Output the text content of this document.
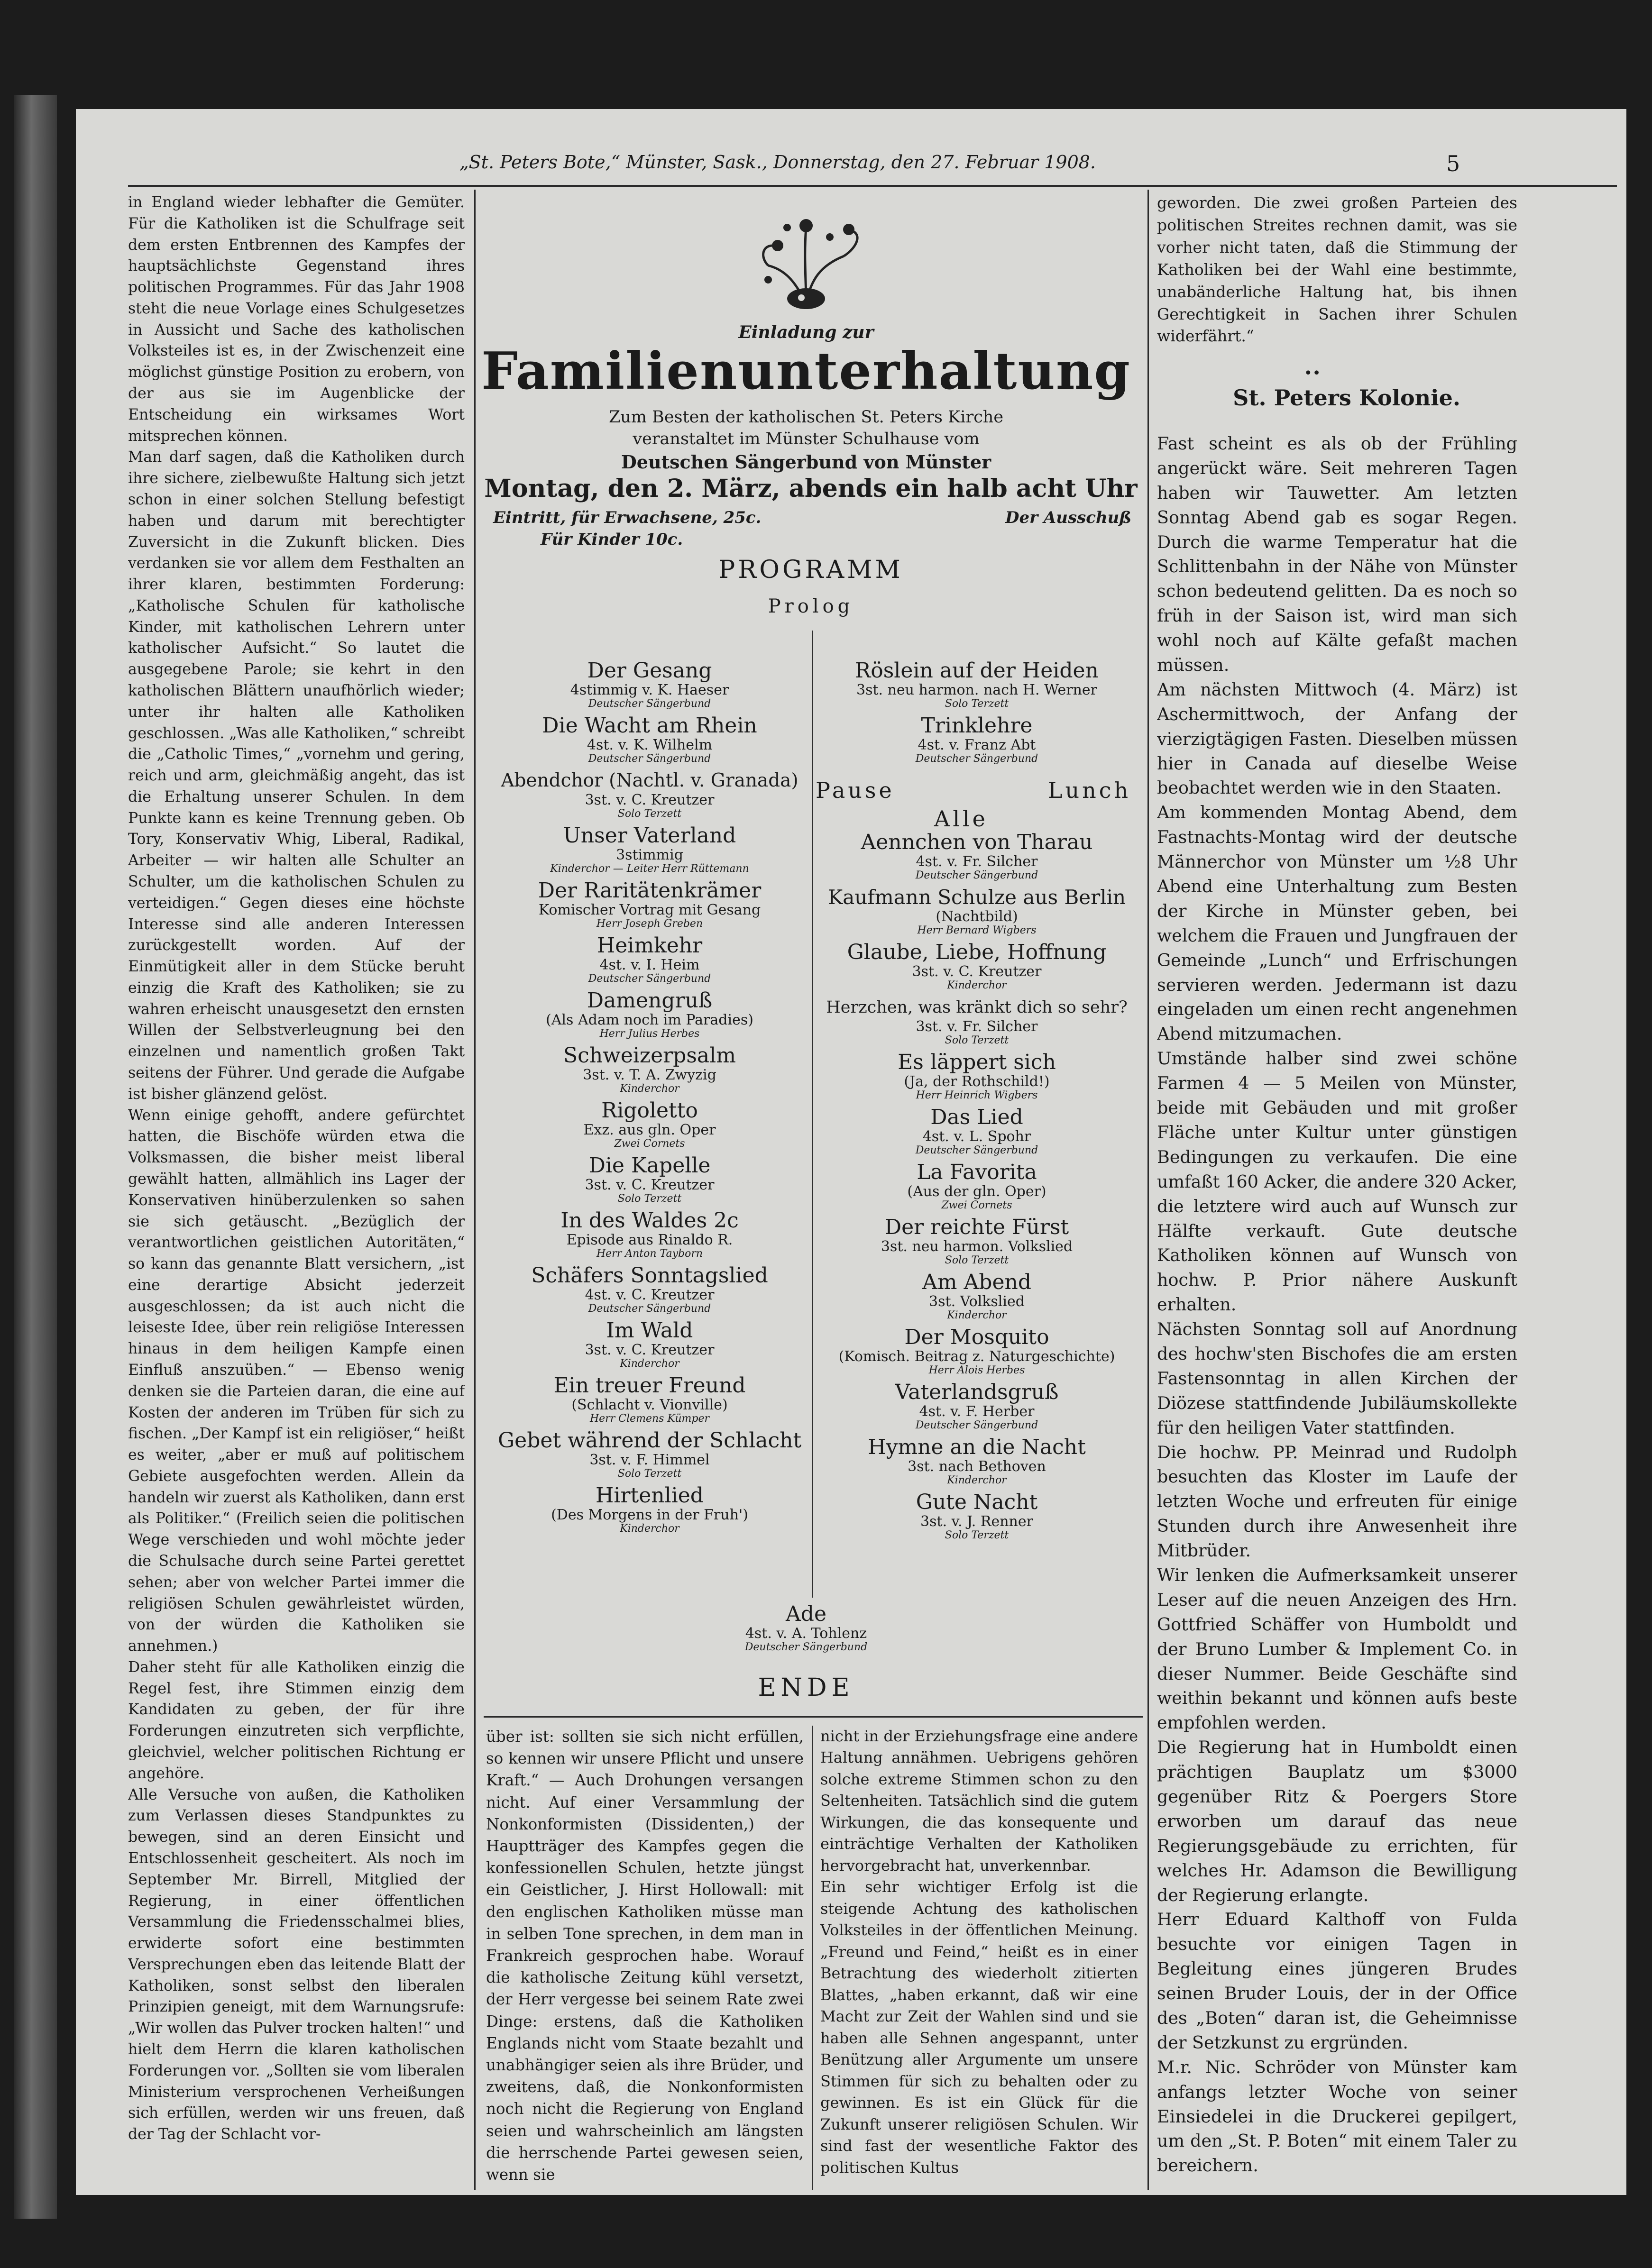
„St. Peters Bote,“ Münster, Sask., Donnerstag, den 27. Februar 1908.	5
in England wieder lebhafter die Gemüter. Für die Katholiken ist die Schulfrage seit dem ersten Entbrennen des Kampfes der hauptsächlichste Gegenstand ihres politischen Programmes. Für das Jahr 1908 steht die neue Vorlage eines Schulgesetzes in Aussicht und Sache des katholischen Volksteiles ist es, in der Zwischenzeit eine möglichst günstige Position zu erobern, von der aus sie im Augenblicke der Entscheidung ein wirksames Wort mitsprechen können.
Man darf sagen, daß die Katholiken durch ihre sichere, zielbewußte Haltung sich jetzt schon in einer solchen Stellung befestigt haben und darum mit berechtigter Zuversicht in die Zukunft blicken. Dies verdanken sie vor allem dem Festhalten an ihrer klaren, bestimmten Forderung: „Katholische Schulen für katholische Kinder, mit katholischen Lehrern unter katholischer Aufsicht.“ So lautet die ausgegebene Parole; sie kehrt in den katholischen Blättern unaufhörlich wieder; unter ihr halten alle Katholiken geschlossen. „Was alle Katholiken,“ schreibt die „Catholic Times,“ „vornehm und gering, reich und arm, gleichmäßig angeht, das ist die Erhaltung unserer Schulen. In dem Punkte kann es keine Trennung geben. Ob Tory, Konservativ Whig, Liberal, Radikal, Arbeiter — wir halten alle Schulter an Schulter, um die katholischen Schulen zu verteidigen.“ Gegen dieses eine höchste Interesse sind alle anderen Interessen zurückgestellt worden. Auf der Einmütigkeit aller in dem Stücke beruht einzig die Kraft des Katholiken; sie zu wahren erheischt unausgesetzt den ernsten Willen der Selbstverleugnung bei den einzelnen und namentlich großen Takt seitens der Führer. Und gerade die Aufgabe ist bisher glänzend gelöst.
Wenn einige gehofft, andere gefürchtet hatten, die Bischöfe würden etwa die Volksmassen, die bisher meist liberal gewählt hatten, allmählich ins Lager der Konservativen hinüberzulenken so sahen sie sich getäuscht. „Bezüglich der verantwortlichen geistlichen Autoritäten,“ so kann das genannte Blatt versichern, „ist eine derartige Absicht jederzeit ausgeschlossen; da ist auch nicht die leiseste Idee, über rein religiöse Interessen hinaus in dem heiligen Kampfe einen Einfluß anszuüben.“ — Ebenso wenig denken sie die Parteien daran, die eine auf Kosten der anderen im Trüben für sich zu fischen. „Der Kampf ist ein religiöser,“ heißt es weiter, „aber er muß auf politischem Gebiete ausgefochten werden. Allein da handeln wir zuerst als Katholiken, dann erst als Politiker.“ (Freilich seien die politischen Wege verschieden und wohl möchte jeder die Schulsache durch seine Partei gerettet sehen; aber von welcher Partei immer die religiösen Schulen gewährleistet würden, von der würden die Katholiken sie annehmen.)
Daher steht für alle Katholiken einzig die Regel fest, ihre Stimmen einzig dem Kandidaten zu geben, der für ihre Forderungen einzutreten sich verpflichte, gleichviel, welcher politischen Richtung er angehöre.
Alle Versuche von außen, die Katholiken zum Verlassen dieses Standpunktes zu bewegen, sind an deren Einsicht und Entschlossenheit gescheitert. Als noch im September Mr. Birrell, Mitglied der Regierung, in einer öffentlichen Versammlung die Friedensschalmei blies, erwiderte sofort eine bestimmten Versprechungen eben das leitende Blatt der Katholiken, sonst selbst den liberalen Prinzipien geneigt, mit dem Warnungsrufe: „Wir wollen das Pulver trocken halten!“ und hielt dem Herrn die klaren katholischen Forderungen vor. „Sollten sie vom liberalen Ministerium versprochenen Verheißungen sich erfüllen, werden wir uns freuen, daß der Tag der Schlacht vor-
geworden. Die zwei großen Parteien des politischen Streites rechnen damit, was sie vorher nicht taten, daß die Stimmung der Katholiken bei der Wahl eine bestimmte, unabänderliche Haltung hat, bis ihnen Gerechtigkeit in Sachen ihrer Schulen widerfährt.“
••
St. Peters Kolonie.
Fast scheint es als ob der Frühling angerückt wäre. Seit mehreren Tagen haben wir Tauwetter. Am letzten Sonntag Abend gab es sogar Regen. Durch die warme Temperatur hat die Schlittenbahn in der Nähe von Münster schon bedeutend gelitten. Da es noch so früh in der Saison ist, wird man sich wohl noch auf Kälte gefaßt machen müssen.
Am nächsten Mittwoch (4. März) ist Aschermittwoch, der Anfang der vierzigtägigen Fasten. Dieselben müssen hier in Canada auf dieselbe Weise beobachtet werden wie in den Staaten.
Am kommenden Montag Abend, dem Fastnachts-Montag wird der deutsche Männerchor von Münster um ½8 Uhr Abend eine Unterhaltung zum Besten der Kirche in Münster geben, bei welchem die Frauen und Jungfrauen der Gemeinde „Lunch“ und Erfrischungen servieren werden. Jedermann ist dazu eingeladen um einen recht angenehmen Abend mitzumachen.
Umstände halber sind zwei schöne Farmen 4 — 5 Meilen von Münster, beide mit Gebäuden und mit großer Fläche unter Kultur unter günstigen Bedingungen zu verkaufen. Die eine umfaßt 160 Acker, die andere 320 Acker, die letztere wird auch auf Wunsch zur Hälfte verkauft. Gute deutsche Katholiken können auf Wunsch von hochw. P. Prior nähere Auskunft erhalten.
Nächsten Sonntag soll auf Anordnung des hochw'sten Bischofes die am ersten Fastensonntag in allen Kirchen der Diözese stattfindende Jubiläumskollekte für den heiligen Vater stattfinden.
Die hochw. PP. Meinrad und Rudolph besuchten das Kloster im Laufe der letzten Woche und erfreuten für einige Stunden durch ihre Anwesenheit ihre Mitbrüder.
Wir lenken die Aufmerksamkeit unserer Leser auf die neuen Anzeigen des Hrn. Gottfried Schäffer von Humboldt und der Bruno Lumber & Implement Co. in dieser Nummer. Beide Geschäfte sind weithin bekannt und können aufs beste empfohlen werden.
Die Regierung hat in Humboldt einen prächtigen Bauplatz um $3000 gegenüber Ritz & Poergers Store erworben um darauf das neue Regierungsgebäude zu errichten, für welches Hr. Adamson die Bewilligung der Regierung erlangte.
Herr Eduard Kalthoff von Fulda besuchte vor einigen Tagen in Begleitung eines jüngeren Brudes seinen Bruder Louis, der in der Office des „Boten“ daran ist, die Geheimnisse der Setzkunst zu ergründen.
M.r. Nic. Schröder von Münster kam anfangs letzter Woche von seiner Einsiedelei in die Druckerei gepilgert, um den „St. P. Boten“ mit einem Taler zu bereichern.
Einladung zur
Familienunterhaltung
Zum Besten der katholischen St. Peters Kirche
veranstaltet im Münster Schulhause vom
Deutschen Sängerbund von Münster
Montag, den 2. März, abends ein halb acht Uhr
Eintritt, für Erwachsene, 25c.	Der Ausschuß
Für Kinder 10c.
PROGRAMM
Prolog
Der Gesang
4stimmig v. K. Haeser
Deutscher Sängerbund
Die Wacht am Rhein
4st. v. K. Wilhelm
Deutscher Sängerbund
Abendchor (Nachtl. v. Granada)
3st. v. C. Kreutzer
Solo Terzett
Unser Vaterland
3stimmig
Kinderchor — Leiter Herr Rüttemann
Der Raritätenkrämer
Komischer Vortrag mit Gesang
Herr Joseph Greben
Heimkehr
4st. v. I. Heim
Deutscher Sängerbund
Damengruß
(Als Adam noch im Paradies)
Herr Julius Herbes
Schweizerpsalm
3st. v. T. A. Zwyzig
Kinderchor
Rigoletto
Exz. aus gln. Oper
Zwei Cornets
Die Kapelle
3st. v. C. Kreutzer
Solo Terzett
In des Waldes 2c
Episode aus Rinaldo R.
Herr Anton Tayborn
Schäfers Sonntagslied
4st. v. C. Kreutzer
Deutscher Sängerbund
Im Wald
3st. v. C. Kreutzer
Kinderchor
Ein treuer Freund
(Schlacht v. Vionville)
Herr Clemens Kümper
Gebet während der Schlacht
3st. v. F. Himmel
Solo Terzett
Hirtenlied
(Des Morgens in der Fruh')
Kinderchor
Röslein auf der Heiden
3st. neu harmon. nach H. Werner
Solo Terzett
Trinklehre
4st. v. Franz Abt
Deutscher Sängerbund
Pause	Lunch
Alle
Aennchen von Tharau
4st. v. Fr. Silcher
Deutscher Sängerbund
Kaufmann Schulze aus Berlin
(Nachtbild)
Herr Bernard Wigbers
Glaube, Liebe, Hoffnung
3st. v. C. Kreutzer
Kinderchor
Herzchen, was kränkt dich so sehr?
3st. v. Fr. Silcher
Solo Terzett
Es läppert sich
(Ja, der Rothschild!)
Herr Heinrich Wigbers
Das Lied
4st. v. L. Spohr
Deutscher Sängerbund
La Favorita
(Aus der gln. Oper)
Zwei Cornets
Der reichte Fürst
3st. neu harmon. Volkslied
Solo Terzett
Am Abend
3st. Volkslied
Kinderchor
Der Mosquito
(Komisch. Beitrag z. Naturgeschichte)
Herr Alois Herbes
Vaterlandsgruß
4st. v. F. Herber
Deutscher Sängerbund
Hymne an die Nacht
3st. nach Bethoven
Kinderchor
Gute Nacht
3st. v. J. Renner
Solo Terzett
Ade
4st. v. A. Tohlenz
Deutscher Sängerbund
ENDE
über ist: sollten sie sich nicht erfüllen, so kennen wir unsere Pflicht und unsere Kraft.“ — Auch Drohungen versangen nicht. Auf einer Versammlung der Nonkonformisten (Dissidenten,) der Hauptträger des Kampfes gegen die konfessionellen Schulen, hetzte jüngst ein Geistlicher, J. Hirst Hollowall: mit den englischen Katholiken müsse man in selben Tone sprechen, in dem man in Frankreich gesprochen habe. Worauf die katholische Zeitung kühl versetzt, der Herr vergesse bei seinem Rate zwei Dinge: erstens, daß die Katholiken Englands nicht vom Staate bezahlt und unabhängiger seien als ihre Brüder, und zweitens, daß, die Nonkonformisten noch nicht die Regierung von England seien und wahrscheinlich am längsten die herrschende Partei gewesen seien, wenn sie
nicht in der Erziehungsfrage eine andere Haltung annähmen. Uebrigens gehören solche extreme Stimmen schon zu den Seltenheiten. Tatsächlich sind die gutem Wirkungen, die das konsequente und einträchtige Verhalten der Katholiken hervorgebracht hat, unverkennbar.
Ein sehr wichtiger Erfolg ist die steigende Achtung des katholischen Volksteiles in der öffentlichen Meinung. „Freund und Feind,“ heißt es in einer Betrachtung des wiederholt zitierten Blattes, „haben erkannt, daß wir eine Macht zur Zeit der Wahlen sind und sie haben alle Sehnen angespannt, unter Benützung aller Argumente um unsere Stimmen für sich zu behalten oder zu gewinnen. Es ist ein Glück für die Zukunft unserer religiösen Schulen. Wir sind fast der wesentliche Faktor des politischen Kultus
